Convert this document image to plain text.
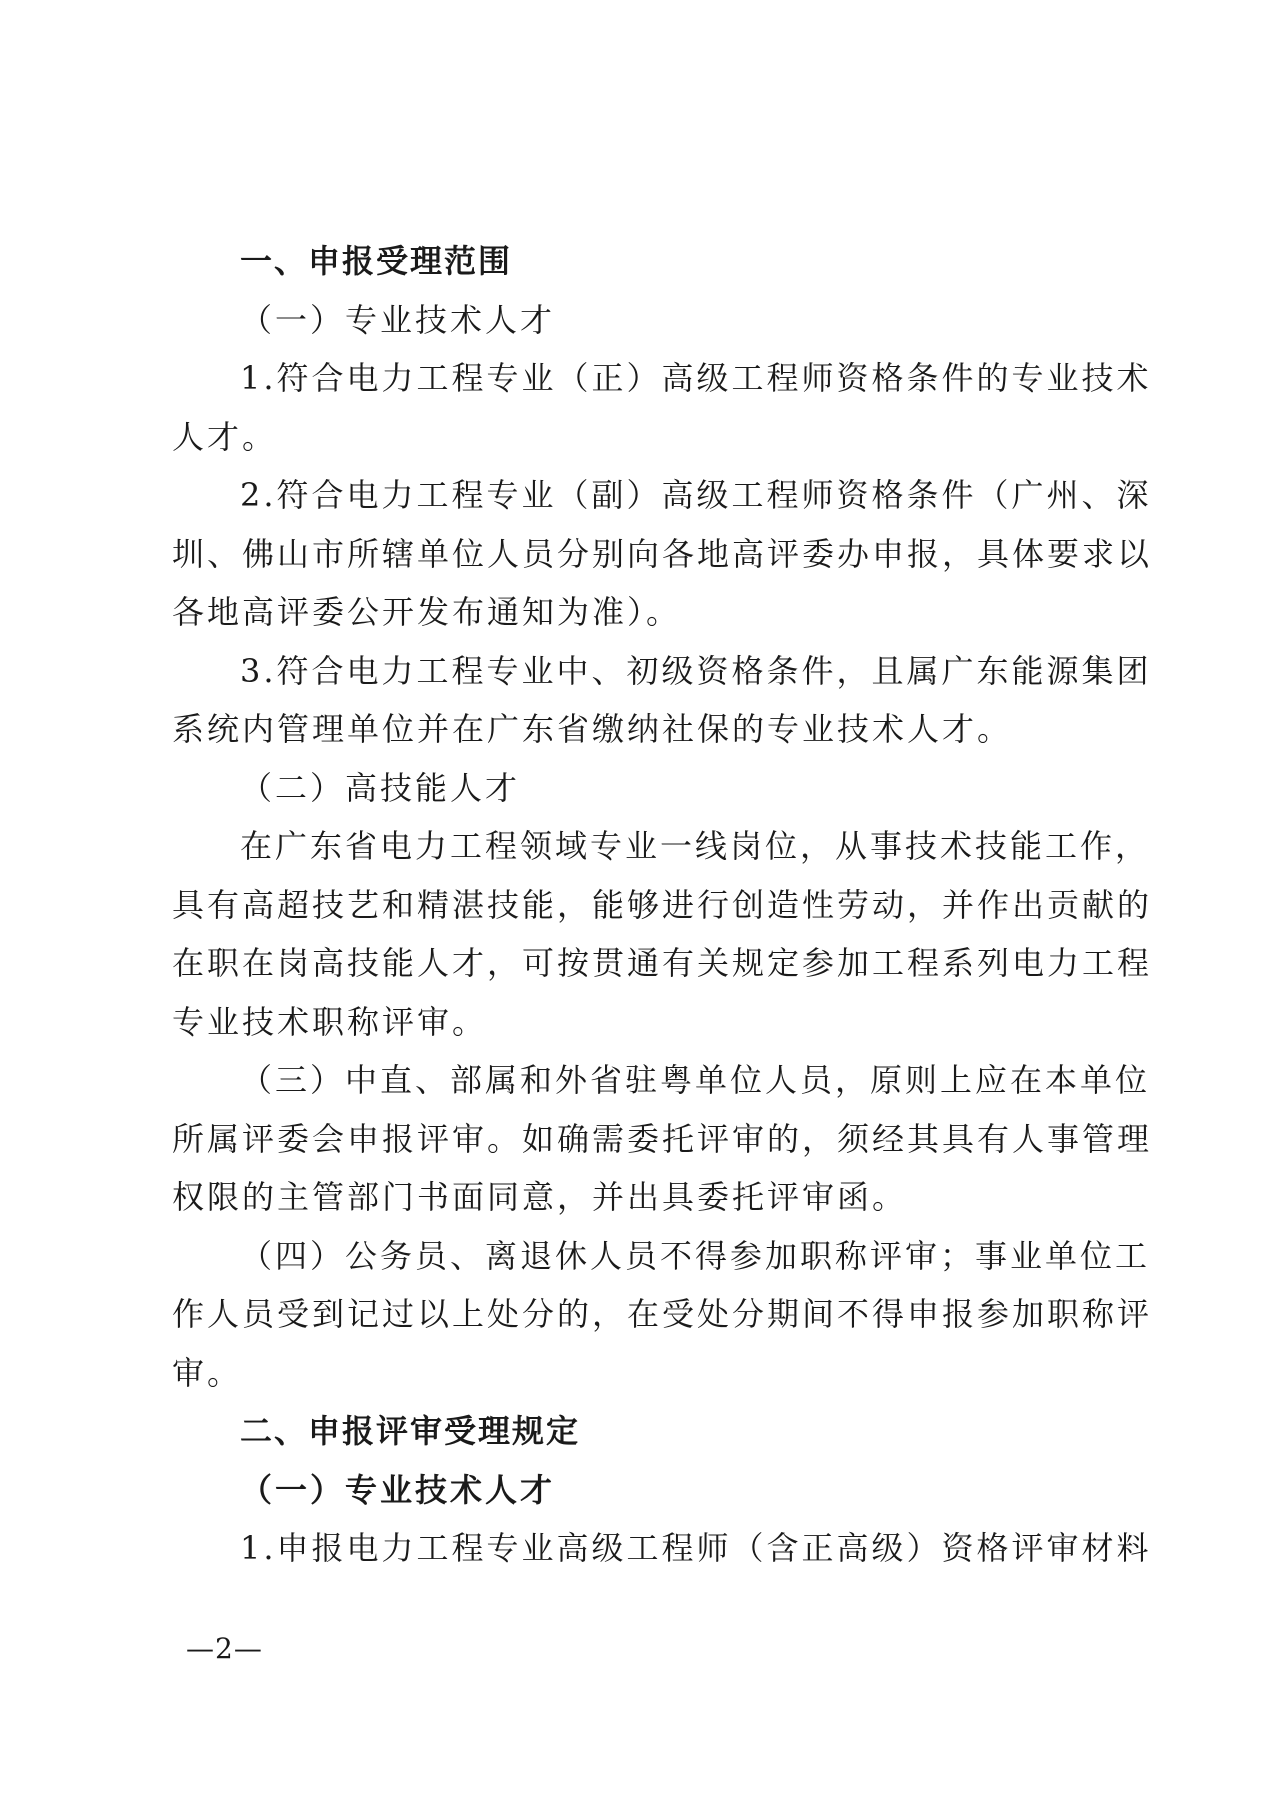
一、申报受理范围
（一）专业技术人才
1.符合电力工程专业（正）高级工程师资格条件的专业技术
人才。
2.符合电力工程专业（副）高级工程师资格条件（广州、深
圳、佛山市所辖单位人员分别向各地高评委办申报，具体要求以
各地高评委公开发布通知为准）。
3.符合电力工程专业中、初级资格条件，且属广东能源集团
系统内管理单位并在广东省缴纳社保的专业技术人才。
（二）高技能人才
在广东省电力工程领域专业一线岗位，从事技术技能工作，
具有高超技艺和精湛技能，能够进行创造性劳动，并作出贡献的
在职在岗高技能人才，可按贯通有关规定参加工程系列电力工程
专业技术职称评审。
（三）中直、部属和外省驻粤单位人员，原则上应在本单位
所属评委会申报评审。如确需委托评审的，须经其具有人事管理
权限的主管部门书面同意，并出具委托评审函。
（四）公务员、离退休人员不得参加职称评审；事业单位工
作人员受到记过以上处分的，在受处分期间不得申报参加职称评
审。
二、申报评审受理规定
（一）专业技术人才
1.申报电力工程专业高级工程师（含正高级）资格评审材料
—2—
